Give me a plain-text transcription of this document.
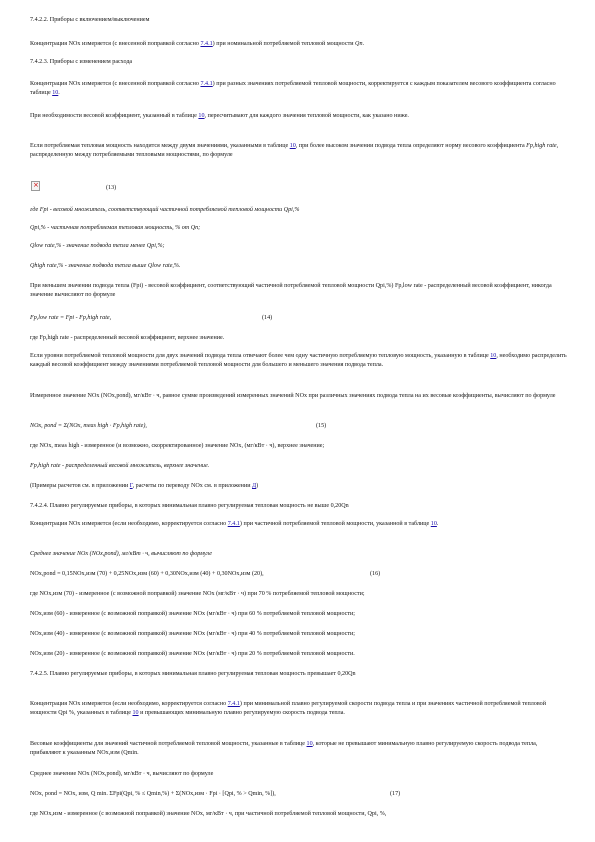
7.4.2.2. Приборы с включением/выключением

Концентрация NOx измеряется (с внесенной поправкой согласно 7.4.1) при номинальной потребляемой тепловой мощности Qn.

7.4.2.3. Приборы с изменением расхода

Концентрация NOx измеряется (с внесенной поправкой согласно 7.4.1) при разных значениях потребляемой тепловой мощности, корректируется с каждым показателем весового коэффициента согласно таблице 10.

При необходимости весовой коэффициент, указанный в таблице 10, пересчитывают для каждого значения тепловой мощности, как указано ниже.

Если потребляемая тепловая мощность находится между двумя значениями, указанными в таблице 10, при более высоком значении подвода тепла определяют норму весового коэффициента Fp,high rate, распределенную между потребляемыми тепловыми мощностями, по формуле

×
(13)

где Fpi - весовой множитель, соответствующий частичной потребляемой тепловой мощности Qpi,%

Qpi,% - частичная потребляемая тепловая мощность, % от Qn;

Qlow rate,% - значение подвода тепла менее Qpi,%;

Qhigh rate,% - значение подвода тепла выше Qlow rate,%.

При меньшем значении подвода тепла (Fpi) - весовой коэффициент, соответствующий частичной потребляемой тепловой мощности Qpi,%) Fp,low rate - распределенный весовой коэффициент, никогда значение вычисляют по формуле

Fp,low rate = Fpi - Fp,high rate,	(14)

где Fp,high rate - распределенный весовой коэффициент, верхнее значение.

Если уровни потребляемой тепловой мощности для двух значений подвода тепла отвечают более чем одну частичную потребляемую тепловую мощность, указанную в таблице 10, необходимо распределить каждый весовой коэффициент между значениями потребляемой тепловой мощности для большего и меньшего значения подвода тепла.

Измеренное значение NOx (NOx,pond), мг/кВт · ч, равное сумме произведений измеренных значений NOx при различных значениях подвода тепла на их весовые коэффициенты, вычисляют по формуле

NOx, pond = Σ(NOx, meas high · Fp,high rate),	(15)

где NOx, meas high - измеренное (и возможно, скорректированное) значение NOx, (мг/кВт · ч), верхнее значение;

Fp,high rate - распределенный весовой множитель, верхнее значение.

(Примеры расчетов см. в приложении Г, расчеты по переводу NOx см. в приложении Д)

7.4.2.4. Плавно регулируемые приборы, в которых минимальная плавно регулируемая тепловая мощность не выше 0,20Qn

Концентрация NOx измеряется (если необходимо, корректируется согласно 7.4.1) при частичной потребляемой тепловой мощности, указанной в таблице 10.

Среднее значение NOx (NOx,pond), мг/кВт · ч, вычисляют по формуле

NOx,pond = 0,15NOx,изм (70) + 0,25NOx,изм (60) + 0,30NOx,изм (40) + 0,30NOx,изм (20),	(16)

где NOx,изм (70) - измеренное (с возможной поправкой) значение NOx (мг/кВт · ч) при 70 % потребляемой тепловой мощности;

NOx,изм (60) - измеренное (с возможной поправкой) значение NOx (мг/кВт · ч) при 60 % потребляемой тепловой мощности;

NOx,изм (40) - измеренное (с возможной поправкой) значение NOx (мг/кВт · ч) при 40 % потребляемой тепловой мощности;

NOx,изм (20) - измеренное (с возможной поправкой) значение NOx (мг/кВт · ч) при 20 % потребляемой тепловой мощности.

7.4.2.5. Плавно регулируемые приборы, в которых минимальная плавно регулируемая тепловая мощность превышает 0,20Qn

Концентрация NOx измеряется (если необходимо, корректируется согласно 7.4.1) при минимальной плавно регулируемой скорости подвода тепла и при значениях частичной потребляемой тепловой мощности Qpi %, указанных в таблице 10 и превышающих минимальную плавно регулируемую скорость подвода тепла.

Весовые коэффициенты для значений частичной потребляемой тепловой мощности, указанные в таблице 10, которые не превышают минимальную плавно регулируемую скорость подвода тепла, прибавляют к указанным NOx,изм (Qmin.

Среднее значение NOx (NOx,pond), мг/кВт · ч, вычисляют по формуле

NOx, pond = NOx, изм, Q min. ΣFpi(Qpi, % ≤ Qmin,%) + Σ(NOx,изм · Fpi · [Qpi, % > Qmin, %]),	(17)

где NOx,изм - измеренное (с возможной поправкой) значение NOx, мг/кВт · ч, при частичной потребляемой тепловой мощности, Qpi, %,
